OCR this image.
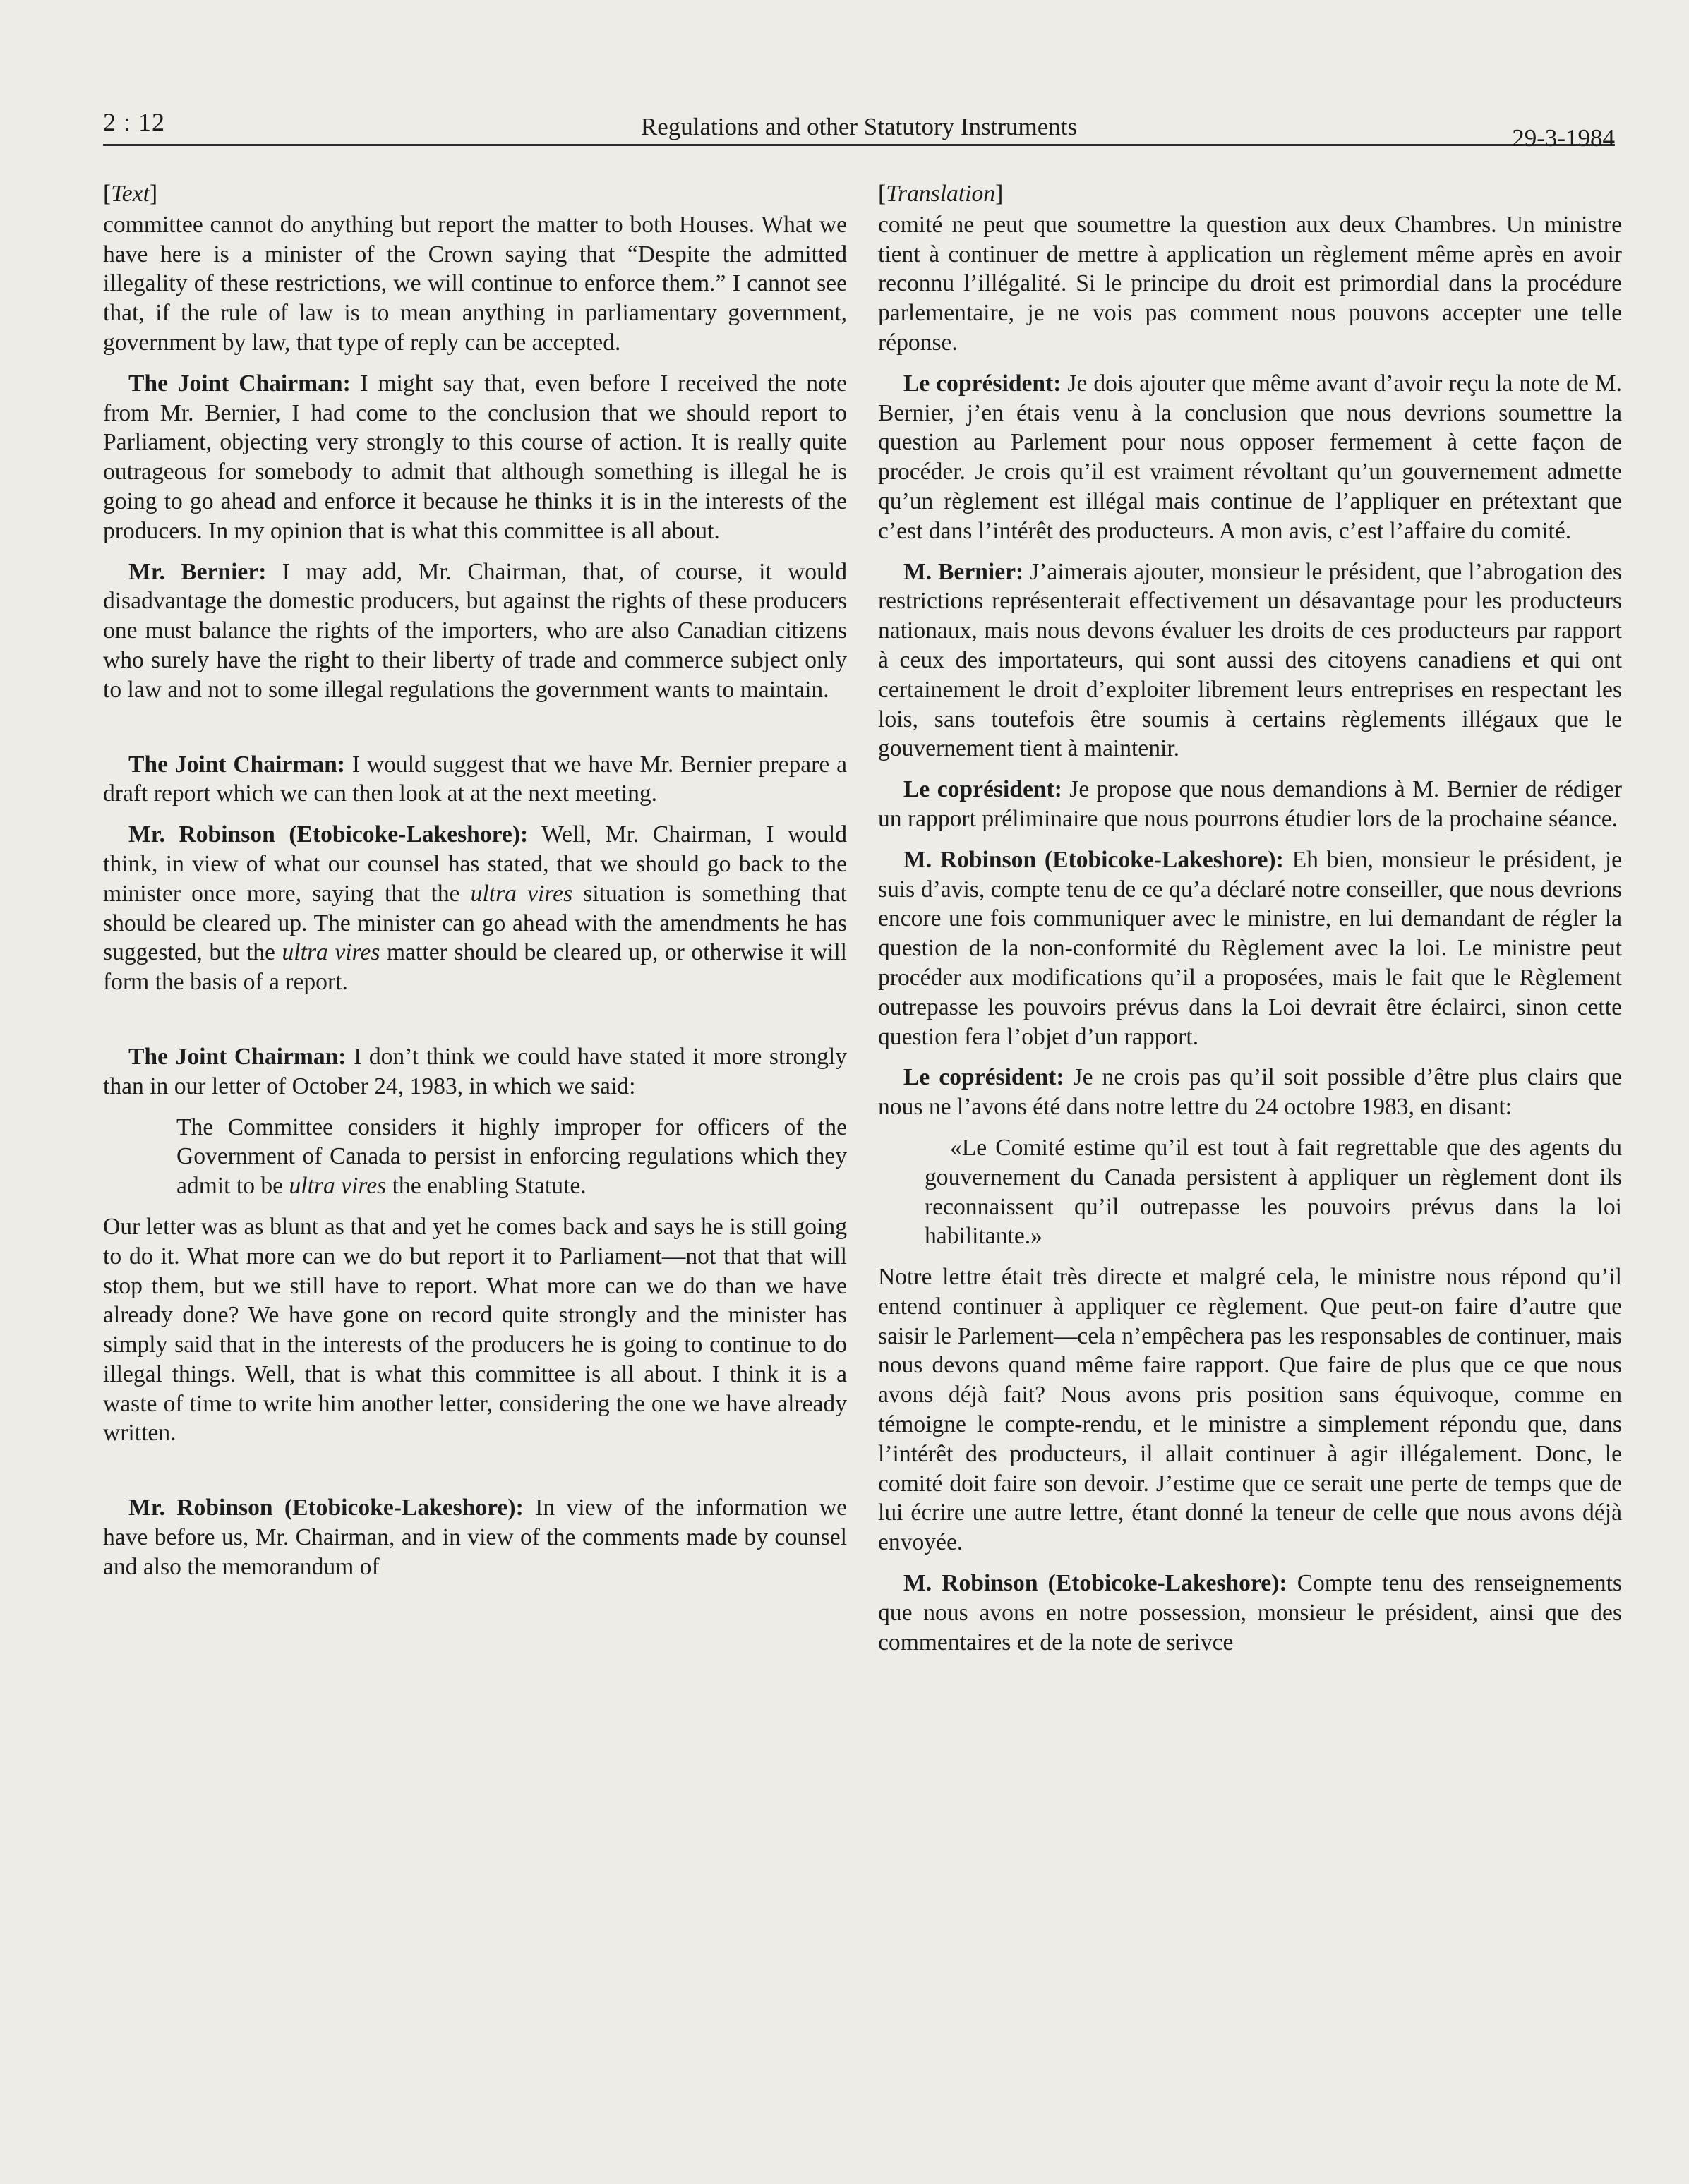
2 : 12	Regulations and other Statutory Instruments	29-3-1984
[Text]

committee cannot do anything but report the matter to both Houses. What we have here is a minister of the Crown saying that “Despite the admitted illegality of these restrictions, we will continue to enforce them.” I cannot see that, if the rule of law is to mean anything in parliamentary government, government by law, that type of reply can be accepted.

The Joint Chairman: I might say that, even before I received the note from Mr. Bernier, I had come to the conclusion that we should report to Parliament, objecting very strongly to this course of action. It is really quite outrageous for somebody to admit that although something is illegal he is going to go ahead and enforce it because he thinks it is in the interests of the producers. In my opinion that is what this committee is all about.

Mr. Bernier: I may add, Mr. Chairman, that, of course, it would disadvantage the domestic producers, but against the rights of these producers one must balance the rights of the importers, who are also Canadian citizens who surely have the right to their liberty of trade and commerce subject only to law and not to some illegal regulations the government wants to maintain.

The Joint Chairman: I would suggest that we have Mr. Bernier prepare a draft report which we can then look at at the next meeting.

Mr. Robinson (Etobicoke-Lakeshore): Well, Mr. Chairman, I would think, in view of what our counsel has stated, that we should go back to the minister once more, saying that the ultra vires situation is something that should be cleared up. The minister can go ahead with the amendments he has suggested, but the ultra vires matter should be cleared up, or otherwise it will form the basis of a report.

The Joint Chairman: I don’t think we could have stated it more strongly than in our letter of October 24, 1983, in which we said:

The Committee considers it highly improper for officers of the Government of Canada to persist in enforcing regulations which they admit to be ultra vires the enabling Statute.

Our letter was as blunt as that and yet he comes back and says he is still going to do it. What more can we do but report it to Parliament—not that that will stop them, but we still have to report. What more can we do than we have already done? We have gone on record quite strongly and the minister has simply said that in the interests of the producers he is going to continue to do illegal things. Well, that is what this committee is all about. I think it is a waste of time to write him another letter, considering the one we have already written.

Mr. Robinson (Etobicoke-Lakeshore): In view of the information we have before us, Mr. Chairman, and in view of the comments made by counsel and also the memorandum of

[Translation]

comité ne peut que soumettre la question aux deux Chambres. Un ministre tient à continuer de mettre à application un règlement même après en avoir reconnu l’illégalité. Si le principe du droit est primordial dans la procédure parlementaire, je ne vois pas comment nous pouvons accepter une telle réponse.

Le coprésident: Je dois ajouter que même avant d’avoir reçu la note de M. Bernier, j’en étais venu à la conclusion que nous devrions soumettre la question au Parlement pour nous opposer fermement à cette façon de procéder. Je crois qu’il est vraiment révoltant qu’un gouvernement admette qu’un règlement est illégal mais continue de l’appliquer en prétextant que c’est dans l’intérêt des producteurs. A mon avis, c’est l’affaire du comité.

M. Bernier: J’aimerais ajouter, monsieur le président, que l’abrogation des restrictions représenterait effectivement un désavantage pour les producteurs nationaux, mais nous devons évaluer les droits de ces producteurs par rapport à ceux des importateurs, qui sont aussi des citoyens canadiens et qui ont certainement le droit d’exploiter librement leurs entreprises en respectant les lois, sans toutefois être soumis à certains règlements illégaux que le gouvernement tient à maintenir.

Le coprésident: Je propose que nous demandions à M. Bernier de rédiger un rapport préliminaire que nous pourrons étudier lors de la prochaine séance.

M. Robinson (Etobicoke-Lakeshore): Eh bien, monsieur le président, je suis d’avis, compte tenu de ce qu’a déclaré notre conseiller, que nous devrions encore une fois communiquer avec le ministre, en lui demandant de régler la question de la non-conformité du Règlement avec la loi. Le ministre peut procéder aux modifications qu’il a proposées, mais le fait que le Règlement outrepasse les pouvoirs prévus dans la Loi devrait être éclairci, sinon cette question fera l’objet d’un rapport.

Le coprésident: Je ne crois pas qu’il soit possible d’être plus clairs que nous ne l’avons été dans notre lettre du 24 octobre 1983, en disant:

«Le Comité estime qu’il est tout à fait regrettable que des agents du gouvernement du Canada persistent à appliquer un règlement dont ils reconnaissent qu’il outrepasse les pouvoirs prévus dans la loi habilitante.»

Notre lettre était très directe et malgré cela, le ministre nous répond qu’il entend continuer à appliquer ce règlement. Que peut-on faire d’autre que saisir le Parlement—cela n’empêchera pas les responsables de continuer, mais nous devons quand même faire rapport. Que faire de plus que ce que nous avons déjà fait? Nous avons pris position sans équivoque, comme en témoigne le compte-rendu, et le ministre a simplement répondu que, dans l’intérêt des producteurs, il allait continuer à agir illégalement. Donc, le comité doit faire son devoir. J’estime que ce serait une perte de temps que de lui écrire une autre lettre, étant donné la teneur de celle que nous avons déjà envoyée.

M. Robinson (Etobicoke-Lakeshore): Compte tenu des renseignements que nous avons en notre possession, monsieur le président, ainsi que des commentaires et de la note de serivce
